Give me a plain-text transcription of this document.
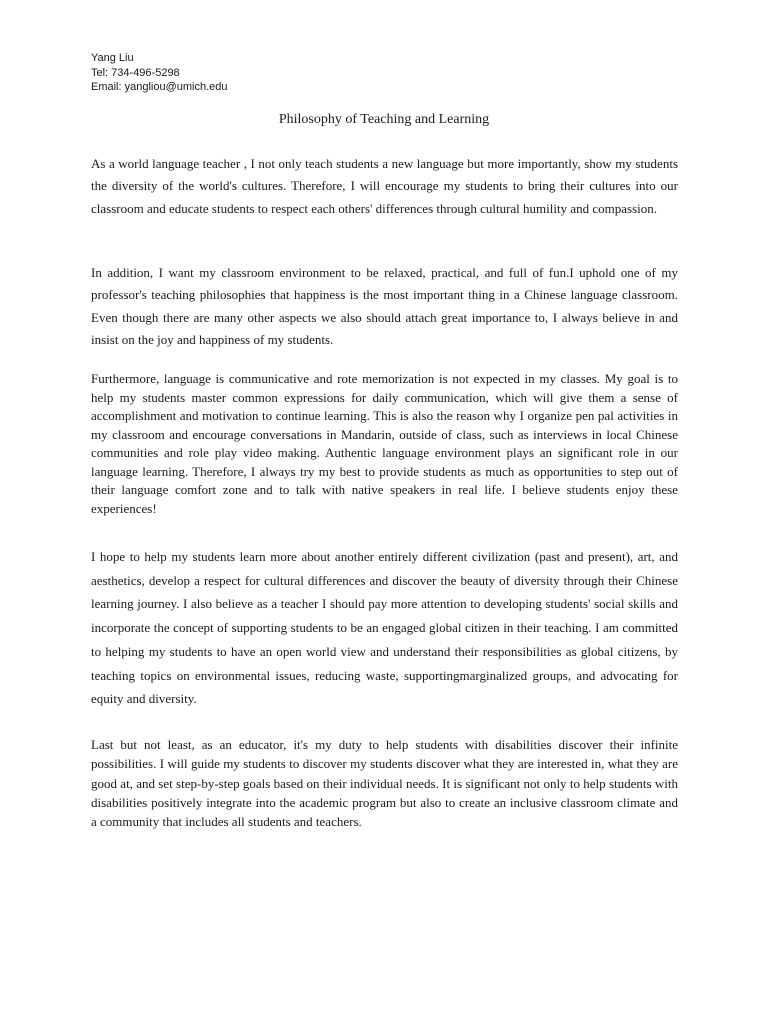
Yang Liu
Tel: 734-496-5298
Email: yangliou@umich.edu
Philosophy of Teaching and Learning

As a world language teacher , I not only teach students a new language but more importantly, show my students the diversity of the world's cultures. Therefore, I will encourage my students to bring their cultures into our classroom and educate students to respect each others' differences through cultural humility and compassion.

In addition, I want my classroom environment to be relaxed, practical, and full of fun.I uphold one of my professor's teaching philosophies that happiness is the most important thing in a Chinese language classroom. Even though there are many other aspects we also should attach great importance to, I always believe in and insist on the joy and happiness of my students.

Furthermore, language is communicative and rote memorization is not expected in my classes. My goal is to help my students master common expressions for daily communication, which will give them a sense of accomplishment and motivation to continue learning. This is also the reason why I organize pen pal activities in my classroom and encourage conversations in Mandarin, outside of class, such as interviews in local Chinese communities and role play video making. Authentic language environment plays an significant role in our language learning. Therefore, I always try my best to provide students as much as opportunities to step out of their language comfort zone and to talk with native speakers in real life. I believe students enjoy these experiences!

I hope to help my students learn more about another entirely different civilization (past and present), art, and aesthetics, develop a respect for cultural differences and discover the beauty of diversity through their Chinese learning journey. I also believe as a teacher I should pay more attention to developing students' social skills and incorporate the concept of supporting students to be an engaged global citizen in their teaching. I am committed to helping my students to have an open world view and understand their responsibilities as global citizens, by teaching topics on environmental issues, reducing waste, supportingmarginalized groups, and advocating for equity and diversity.

Last but not least, as an educator, it's my duty to help students with disabilities discover their infinite possibilities. I will guide my students to discover my students discover what they are interested in, what they are good at, and set step-by-step goals based on their individual needs. It is significant not only to help students with disabilities positively integrate into the academic program but also to create an inclusive classroom climate and a community that includes all students and teachers.
